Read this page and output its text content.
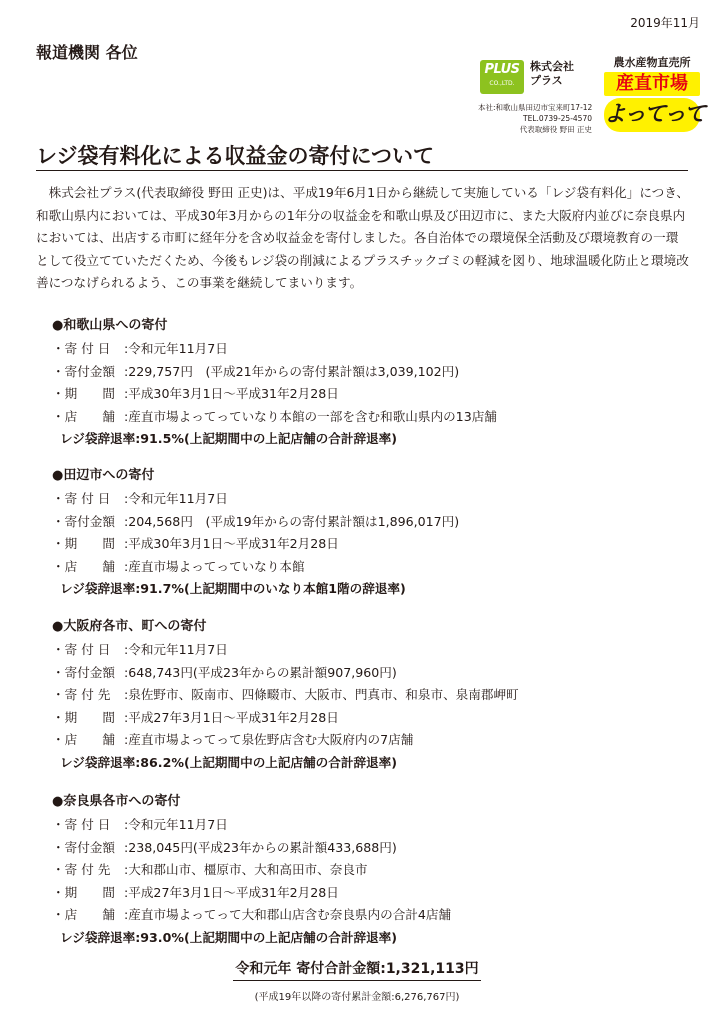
2019年11月
報道機関 各位
PLUS
CO.,LTD.
株式会社
プラス
本社:和歌山県田辺市宝来町17-12
TEL.0739-25-4570
代表取締役 野田 正史
農水産物直売所
産直市場
よってって
レジ袋有料化による収益金の寄付について

株式会社プラス(代表取締役 野田 正史)は、平成19年6月1日から継続して実施している「レジ袋有料化」につき、和歌山県内においては、平成30年3月からの1年分の収益金を和歌山県及び田辺市に、また大阪府内並びに奈良県内においては、出店する市町に経年分を含め収益金を寄付しました。各自治体での環境保全活動及び環境教育の一環として役立てていただくため、今後もレジ袋の削減によるプラスチックゴミの軽減を図り、地球温暖化防止と環境改善につなげられるよう、この事業を継続してまいります。

●和歌山県への寄付
・寄 付 日 :令和元年11月7日
・寄付金額 :229,757円　(平成21年からの寄付累計額は3,039,102円)
・期　　間 :平成30年3月1日～平成31年2月28日
・店　　舗 :産直市場よってっていなり本館の一部を含む和歌山県内の13店舗
レジ袋辞退率:91.5%(上記期間中の上記店舗の合計辞退率)
●田辺市への寄付
・寄 付 日 :令和元年11月7日
・寄付金額 :204,568円　(平成19年からの寄付累計額は1,896,017円)
・期　　間 :平成30年3月1日～平成31年2月28日
・店　　舗 :産直市場よってっていなり本館
レジ袋辞退率:91.7%(上記期間中のいなり本館1階の辞退率)
●大阪府各市、町への寄付
・寄 付 日 :令和元年11月7日
・寄付金額 :648,743円(平成23年からの累計額907,960円)
・寄 付 先 :泉佐野市、阪南市、四條畷市、大阪市、門真市、和泉市、泉南郡岬町
・期　　間 :平成27年3月1日～平成31年2月28日
・店　　舗 :産直市場よってって泉佐野店含む大阪府内の7店舗
レジ袋辞退率:86.2%(上記期間中の上記店舗の合計辞退率)
●奈良県各市への寄付
・寄 付 日 :令和元年11月7日
・寄付金額 :238,045円(平成23年からの累計額433,688円)
・寄 付 先 :大和郡山市、橿原市、大和高田市、奈良市
・期　　間 :平成27年3月1日～平成31年2月28日
・店　　舗 :産直市場よってって大和郡山店含む奈良県内の合計4店舗
レジ袋辞退率:93.0%(上記期間中の上記店舗の合計辞退率)
令和元年 寄付合計金額:1,321,113円
(平成19年以降の寄付累計金額:6,276,767円)
